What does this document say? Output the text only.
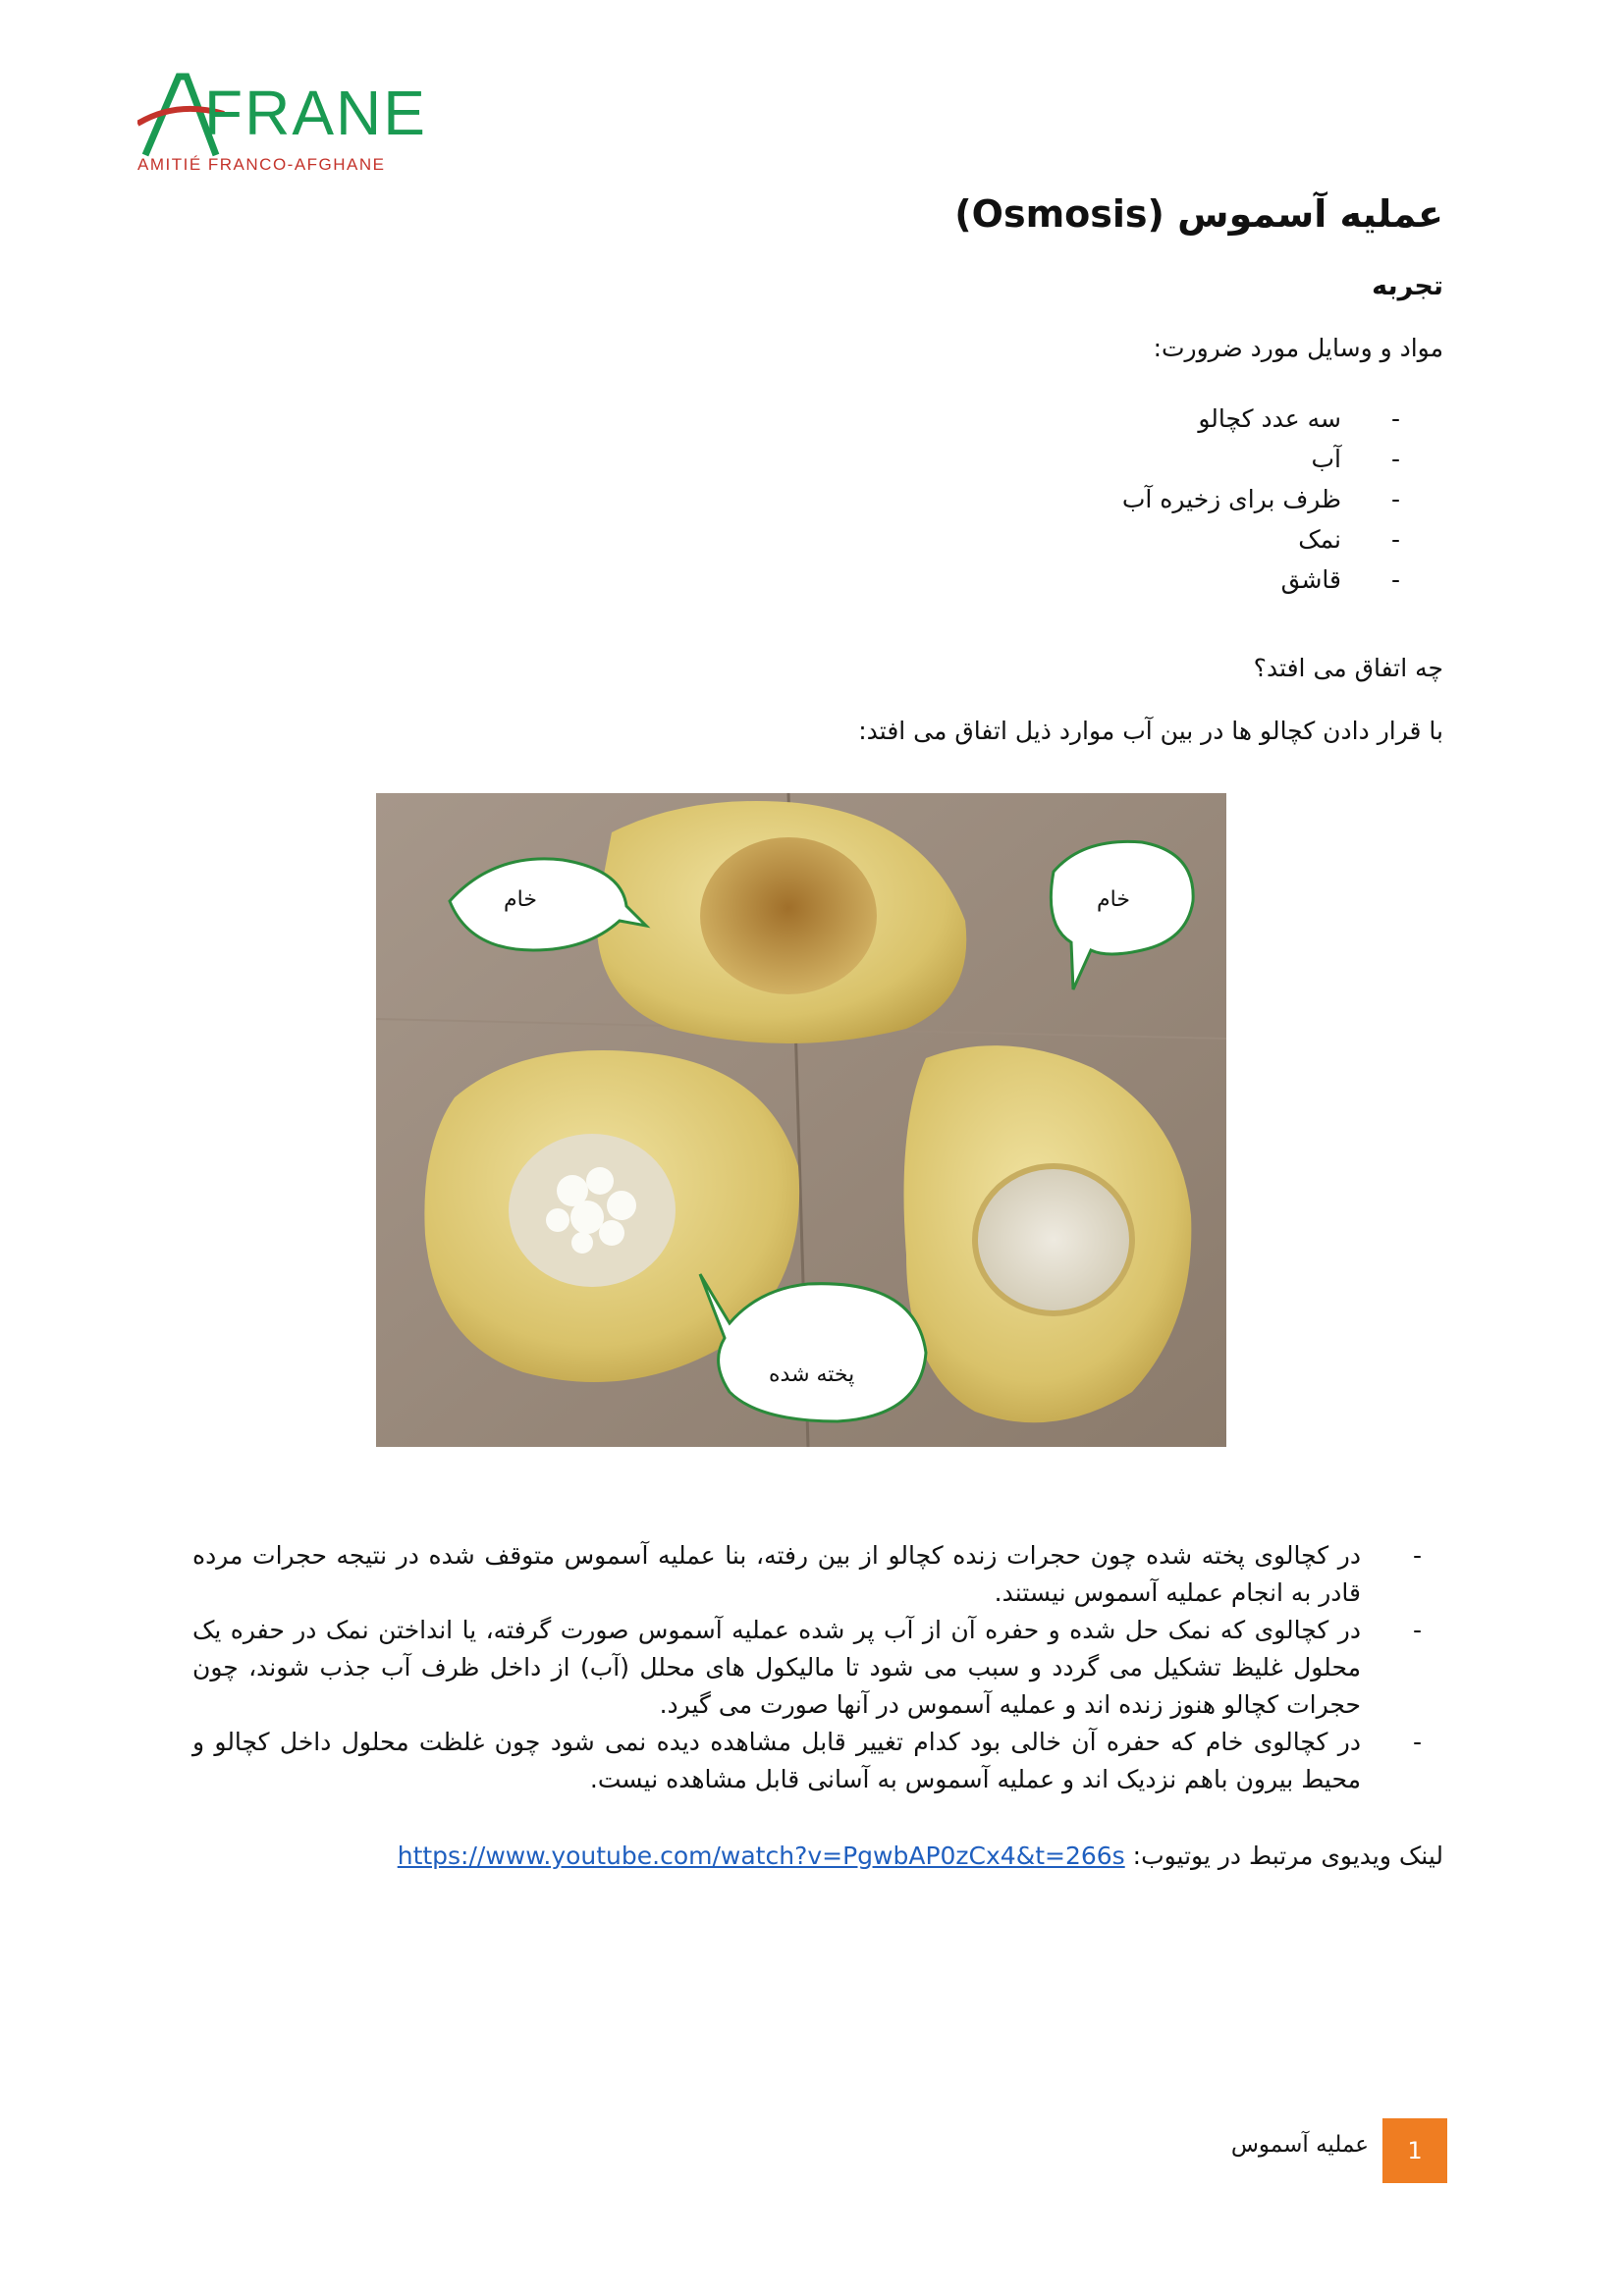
FRANE
AMITIÉ FRANCO-AFGHANE
عملیه آسموس (Osmosis)
تجربه
مواد و وسایل مورد ضرورت:
- سه عدد کچالو
- آب
- ظرف برای زخیره آب
- نمک
- قاشق
چه اتفاق می افتد؟
با قرار دادن کچالو ها در بین آب موارد ذیل اتفاق می افتد:
خام	خام
پخته شده
- در کچالوی پخته شده چون حجرات زنده کچالو از بین رفته، بنا عملیه آسموس متوقف شده در نتیجه حجرات مرده قادر به انجام عملیه آسموس نیستند.
- در کچالوی که نمک حل شده و حفره آن از آب پر شده عملیه آسموس صورت گرفته، یا انداختن نمک در حفره یک محلول غلیظ تشکیل می گردد و سبب می شود تا مالیکول های محلل (آب) از داخل ظرف آب جذب شوند، چون حجرات کچالو هنوز زنده اند و عملیه آسموس در آنها صورت می گیرد.
- در کچالوی خام که حفره آن خالی بود کدام تغییر قابل مشاهده دیده نمی شود چون غلظت محلول داخل کچالو و محیط بیرون باهم نزدیک اند و عملیه آسموس به آسانی قابل مشاهده نیست.
لینک ویدیوی مرتبط در یوتیوب: https://www.youtube.com/watch?v=PgwbAP0zCx4&t=266s
عملیه آسموس	1
